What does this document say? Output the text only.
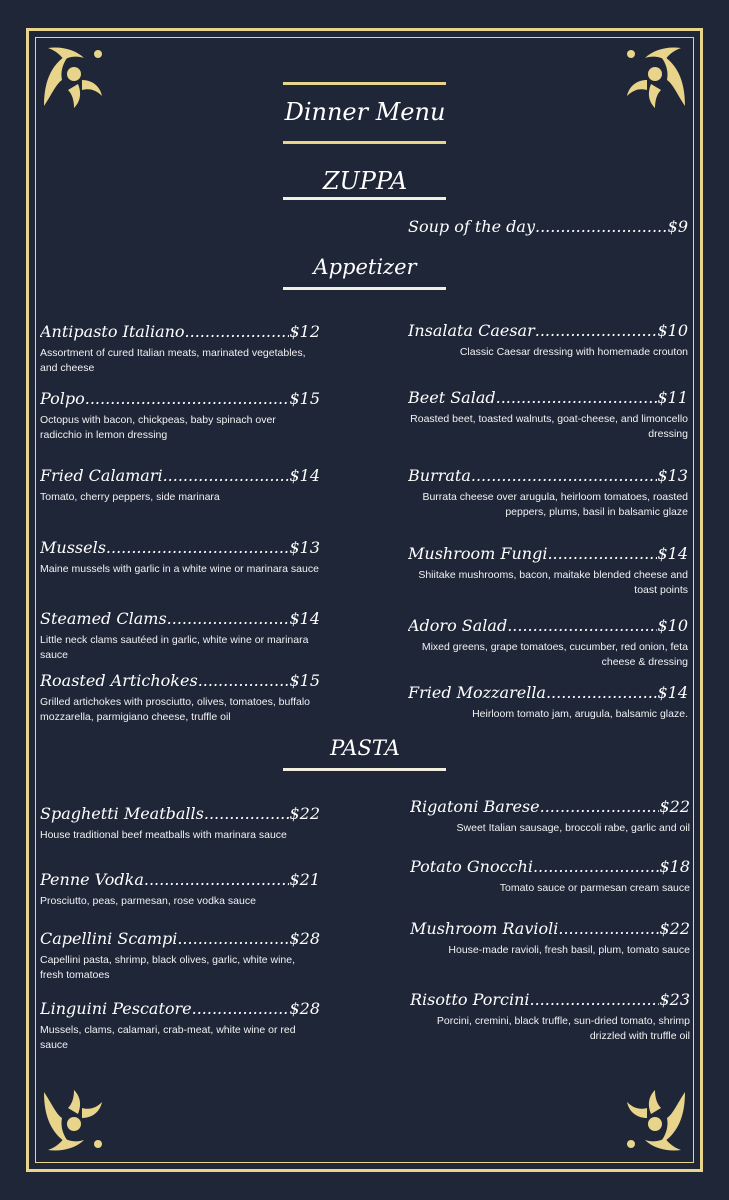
Dinner Menu
ZUPPA
Soup of the day .....	$9
Appetizer
Antipasto Italiano .....	$12
Assortment of cured Italian meats, marinated vegetables, and cheese
Polpo .....	$15
Octopus with bacon, chickpeas, baby spinach over radicchio in lemon dressing
Fried Calamari .....	$14
Tomato, cherry peppers, side marinara
Mussels .....	$13
Maine mussels with garlic in a white wine or marinara sauce
Steamed Clams .....	$14
Little neck clams sautéed in garlic, white wine or marinara sauce
Roasted Artichokes .....	$15
Grilled artichokes with prosciutto, olives, tomatoes, buffalo mozzarella, parmigiano cheese, truffle oil
Insalata Caesar .....	$10
Classic Caesar dressing with homemade crouton
Beet Salad .....	$11
Roasted beet, toasted walnuts, goat-cheese, and limoncello dressing
Burrata .....	$13
Burrata cheese over arugula, heirloom tomatoes, roasted peppers, plums, basil in balsamic glaze
Mushroom Fungi .....	$14
Shiitake mushrooms, bacon, maitake blended cheese and toast points
Adoro Salad .....	$10
Mixed greens, grape tomatoes, cucumber, red onion, feta cheese & dressing
Fried Mozzarella .....	$14
Heirloom tomato jam, arugula, balsamic glaze.
PASTA
Spaghetti Meatballs .....	$22
House traditional beef meatballs with marinara sauce
Penne Vodka .....	$21
Prosciutto, peas, parmesan, rose vodka sauce
Capellini Scampi .....	$28
Capellini pasta, shrimp, black olives, garlic, white wine, fresh tomatoes
Linguini Pescatore .....	$28
Mussels, clams, calamari, crab-meat, white wine or red sauce
Rigatoni Barese .....	$22
Sweet Italian sausage, broccoli rabe, garlic and oil
Potato Gnocchi .....	$18
Tomato sauce or parmesan cream sauce
Mushroom Ravioli .....	$22
House-made ravioli, fresh basil, plum, tomato sauce
Risotto Porcini .....	$23
Porcini, cremini, black truffle, sun-dried tomato, shrimp drizzled with truffle oil
